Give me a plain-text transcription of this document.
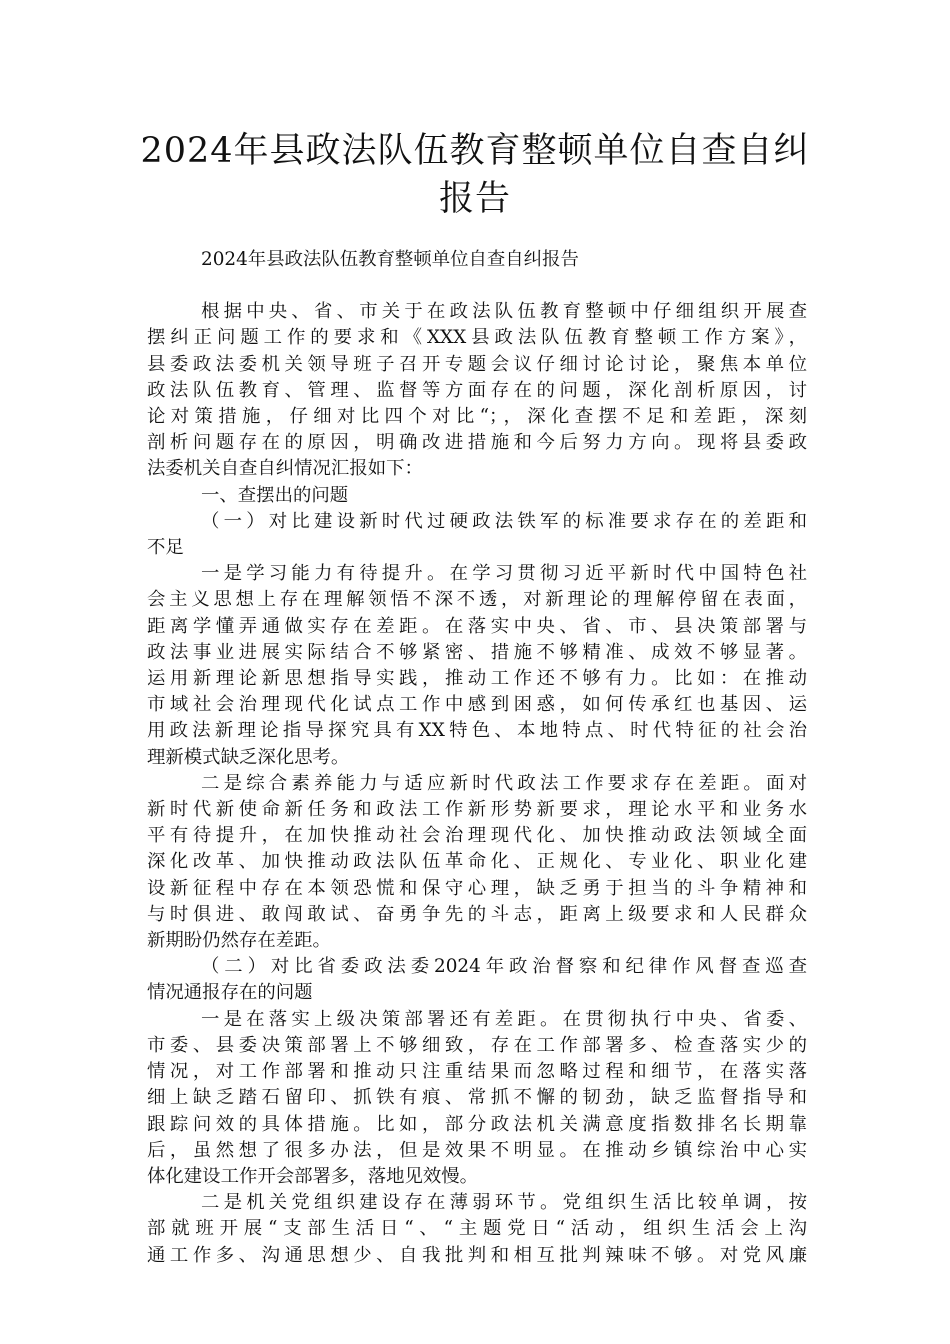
2024年县政法队伍教育整顿单位自查自纠
报告
2024年县政法队伍教育整顿单位自查自纠报告
根据中央、省、市关于在政法队伍教育整顿中仔细组织开展查
摆纠正问题工作的要求和《XXX县政法队伍教育整顿工作方案》，
县委政法委机关领导班子召开专题会议仔细讨论讨论，聚焦本单位
政法队伍教育、管理、监督等方面存在的问题，深化剖析原因，讨
论对策措施，仔细对比四个对比“；，深化查摆不足和差距，深刻
剖析问题存在的原因，明确改进措施和今后努力方向。现将县委政
法委机关自查自纠情况汇报如下：
一、查摆出的问题
（一）对比建设新时代过硬政法铁军的标准要求存在的差距和
不足
一是学习能力有待提升。在学习贯彻习近平新时代中国特色社
会主义思想上存在理解领悟不深不透，对新理论的理解停留在表面，
距离学懂弄通做实存在差距。在落实中央、省、市、县决策部署与
政法事业进展实际结合不够紧密、措施不够精准、成效不够显著。
运用新理论新思想指导实践，推动工作还不够有力。比如：在推动
市域社会治理现代化试点工作中感到困惑，如何传承红也基因、运
用政法新理论指导探究具有XX特色、本地特点、时代特征的社会治
理新模式缺乏深化思考。
二是综合素养能力与适应新时代政法工作要求存在差距。面对
新时代新使命新任务和政法工作新形势新要求，理论水平和业务水
平有待提升，在加快推动社会治理现代化、加快推动政法领域全面
深化改革、加快推动政法队伍革命化、正规化、专业化、职业化建
设新征程中存在本领恐慌和保守心理，缺乏勇于担当的斗争精神和
与时俱进、敢闯敢试、奋勇争先的斗志，距离上级要求和人民群众
新期盼仍然存在差距。
（二）对比省委政法委2024年政治督察和纪律作风督查巡查
情况通报存在的问题
一是在落实上级决策部署还有差距。在贯彻执行中央、省委、
市委、县委决策部署上不够细致，存在工作部署多、检查落实少的
情况，对工作部署和推动只注重结果而忽略过程和细节，在落实落
细上缺乏踏石留印、抓铁有痕、常抓不懈的韧劲，缺乏监督指导和
跟踪问效的具体措施。比如，部分政法机关满意度指数排名长期靠
后，虽然想了很多办法，但是效果不明显。在推动乡镇综治中心实
体化建设工作开会部署多，落地见效慢。
二是机关党组织建设存在薄弱环节。党组织生活比较单调，按
部就班开展“支部生活日“、“主题党日“活动，组织生活会上沟
通工作多、沟通思想少、自我批判和相互批判辣味不够。对党风廉
